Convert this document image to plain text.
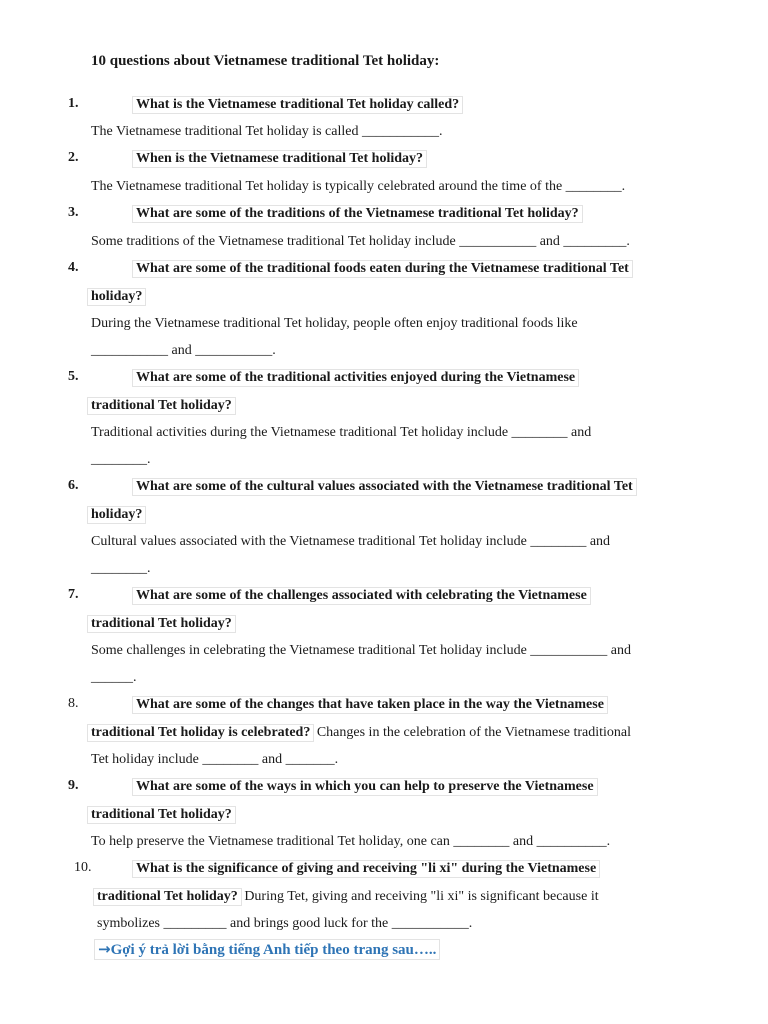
10 questions about Vietnamese traditional Tet holiday:
1.	What is the Vietnamese traditional Tet holiday called?
The Vietnamese traditional Tet holiday is called ___________.
2.	When is the Vietnamese traditional Tet holiday?
The Vietnamese traditional Tet holiday is typically celebrated around the time of the ________.
3.	What are some of the traditions of the Vietnamese traditional Tet holiday?
Some traditions of the Vietnamese traditional Tet holiday include ___________ and _________.
4.	What are some of the traditional foods eaten during the Vietnamese traditional Tet
holiday?
During the Vietnamese traditional Tet holiday, people often enjoy traditional foods like
___________ and ___________.
5.	What are some of the traditional activities enjoyed during the Vietnamese
traditional Tet holiday?
Traditional activities during the Vietnamese traditional Tet holiday include ________ and
________.
6.	What are some of the cultural values associated with the Vietnamese traditional Tet
holiday?
Cultural values associated with the Vietnamese traditional Tet holiday include ________ and
________.
7.	What are some of the challenges associated with celebrating the Vietnamese
traditional Tet holiday?
Some challenges in celebrating the Vietnamese traditional Tet holiday include ___________ and
______.
8.	What are some of the changes that have taken place in the way the Vietnamese
traditional Tet holiday is celebrated? Changes in the celebration of the Vietnamese traditional
Tet holiday include ________ and _______.
9.	What are some of the ways in which you can help to preserve the Vietnamese
traditional Tet holiday?
To help preserve the Vietnamese traditional Tet holiday, one can ________ and __________.
10.	What is the significance of giving and receiving "li xi" during the Vietnamese
traditional Tet holiday? During Tet, giving and receiving "li xi" is significant because it
symbolizes _________ and brings good luck for the ___________.
→Gợi ý trả lời bằng tiếng Anh tiếp theo trang sau…..
